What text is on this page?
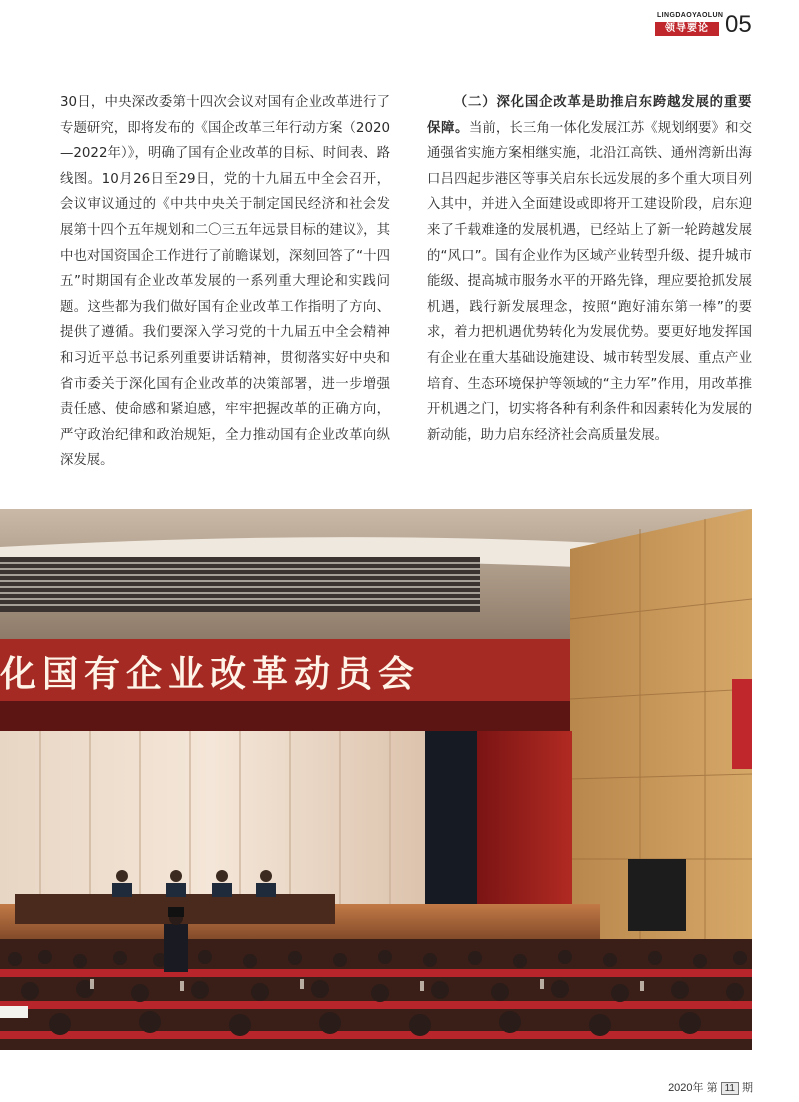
LINGDAOYAOLUN
领导要论 05

30日，中央深改委第十四次会议对国有企业改革进行了专题研究，即将发布的《国企改革三年行动方案（2020—2022年）》，明确了国有企业改革的目标、时间表、路线图。10月26日至29日，党的十九届五中全会召开，会议审议通过的《中共中央关于制定国民经济和社会发展第十四个五年规划和二〇三五年远景目标的建议》，其中也对国资国企工作进行了前瞻谋划，深刻回答了“十四五”时期国有企业改革发展的一系列重大理论和实践问题。这些都为我们做好国有企业改革工作指明了方向、提供了遵循。我们要深入学习党的十九届五中全会精神和习近平总书记系列重要讲话精神，贯彻落实好中央和省市委关于深化国有企业改革的决策部署，进一步增强责任感、使命感和紧迫感，牢牢把握改革的正确方向，严守政治纪律和政治规矩，全力推动国有企业改革向纵深发展。

（二）深化国企改革是助推启东跨越发展的重要保障。当前，长三角一体化发展江苏《规划纲要》和交通强省实施方案相继实施，北沿江高铁、通州湾新出海口吕四起步港区等事关启东长远发展的多个重大项目列入其中，并进入全面建设或即将开工建设阶段，启东迎来了千载难逢的发展机遇，已经站上了新一轮跨越发展的“风口”。国有企业作为区域产业转型升级、提升城市能级、提高城市服务水平的开路先锋，理应要抢抓发展机遇，践行新发展理念，按照“跑好浦东第一棒”的要求，着力把机遇优势转化为发展优势。要更好地发挥国有企业在重大基础设施建设、城市转型发展、重点产业培育、生态环境保护等领域的“主力军”作用，用改革推开机遇之门，切实将各种有利条件和因素转化为发展的新动能，助力启东经济社会高质量发展。

化国有企业改革动员会
2020年 第 11 期
